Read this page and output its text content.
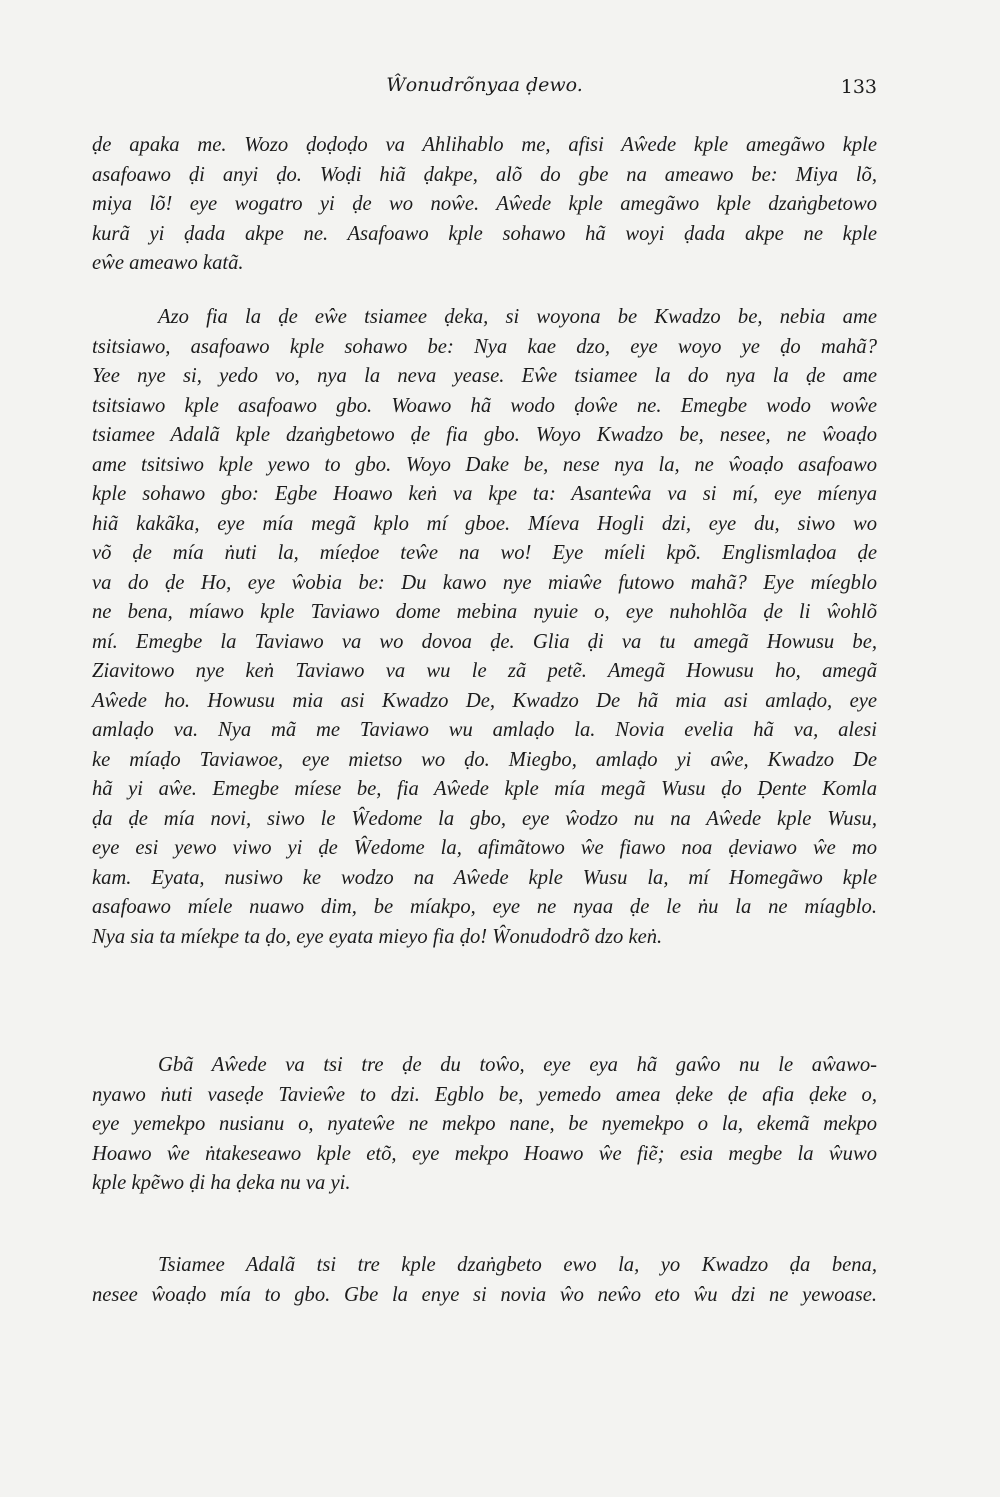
Ŵonudrõnyaa ḍewo.	133
ḍe apaka me. Wozo ḍoḍoḍo va Ahlihablo me, afisi Aŵede kple amegãwo kple
asafoawo ḍi anyi ḍo. Woḍi hiã ḍakpe, alõ do gbe na ameawo be: Miya lõ,
miya lõ! eye wogatro yi ḍe wo noŵe. Aŵede kple amegãwo kple dzaṅgbetowo
kurã yi ḍada akpe ne. Asafoawo kple sohawo hã woyi ḍada akpe ne kple
eŵe ameawo katã.
Azo fia la ḍe eŵe tsiamee ḍeka, si woyona be Kwadzo be, nebia ame
tsitsiawo, asafoawo kple sohawo be: Nya kae dzo, eye woyo ye ḍo mahã?
Yee nye si, yedo vo, nya la neva yease. Eŵe tsiamee la do nya la ḍe ame
tsitsiawo kple asafoawo gbo. Woawo hã wodo ḍoŵe ne. Emegbe wodo woŵe
tsiamee Adalã kple dzaṅgbetowo ḍe fia gbo. Woyo Kwadzo be, nesee, ne ŵoaḍo
ame tsitsiwo kple yewo to gbo. Woyo Dake be, nese nya la, ne ŵoaḍo asafoawo
kple sohawo gbo: Egbe Hoawo keṅ va kpe ta: Asanteŵa va si mí, eye míenya
hiã kakãka, eye mía megã kplo mí gboe. Míeva Hogli dzi, eye du, siwo wo
võ ḍe mía ṅuti la, míeḍoe teŵe na wo! Eye míeli kpõ. Englismlaḍoa ḍe
va do ḍe Ho, eye ŵobia be: Du kawo nye miaŵe futowo mahã? Eye míegblo
ne bena, míawo kple Taviawo dome mebina nyuie o, eye nuhohlõa ḍe li ŵohlõ
mí. Emegbe la Taviawo va wo dovoa ḍe. Glia ḍi va tu amegã Howusu be,
Ziavitowo nye keṅ Taviawo va wu le zã petẽ. Amegã Howusu ho, amegã
Aŵede ho. Howusu mia asi Kwadzo De, Kwadzo De hã mia asi amlaḍo, eye
amlaḍo va. Nya mã me Taviawo wu amlaḍo la. Novia evelia hã va, alesi
ke míaḍo Taviawoe, eye mietso wo ḍo. Miegbo, amlaḍo yi aŵe, Kwadzo De
hã yi aŵe. Emegbe míese be, fia Aŵede kple mía megã Wusu ḍo Ḍente Komla
ḍa ḍe mía novi, siwo le Ŵedome la gbo, eye ŵodzo nu na Aŵede kple Wusu,
eye esi yewo viwo yi ḍe Ŵedome la, afimãtowo ŵe fiawo noa ḍeviawo ŵe mo
kam. Eyata, nusiwo ke wodzo na Aŵede kple Wusu la, mí Homegãwo kple
asafoawo míele nuawo dim, be míakpo, eye ne nyaa ḍe le ṅu la ne míagblo.
Nya sia ta míekpe ta ḍo, eye eyata mieyo fia ḍo! Ŵonudodrõ dzo keṅ.
Gbã Aŵede va tsi tre ḍe du toŵo, eye eya hã gaŵo nu le aŵawo-
nyawo ṅuti vaseḍe Tavieŵe to dzi. Egblo be, yemedo amea ḍeke ḍe afia ḍeke o,
eye yemekpo nusianu o, nyateŵe ne mekpo nane, be nyemekpo o la, ekemã mekpo
Hoawo ŵe ṅtakeseawo kple etõ, eye mekpo Hoawo ŵe fiẽ; esia megbe la ŵuwo
kple kpẽwo ḍi ha ḍeka nu va yi.
Tsiamee Adalã tsi tre kple dzaṅgbeto ewo la, yo Kwadzo ḍa bena,
nesee ŵoaḍo mía to gbo. Gbe la enye si novia ŵo neŵo eto ŵu dzi ne yewoase.
